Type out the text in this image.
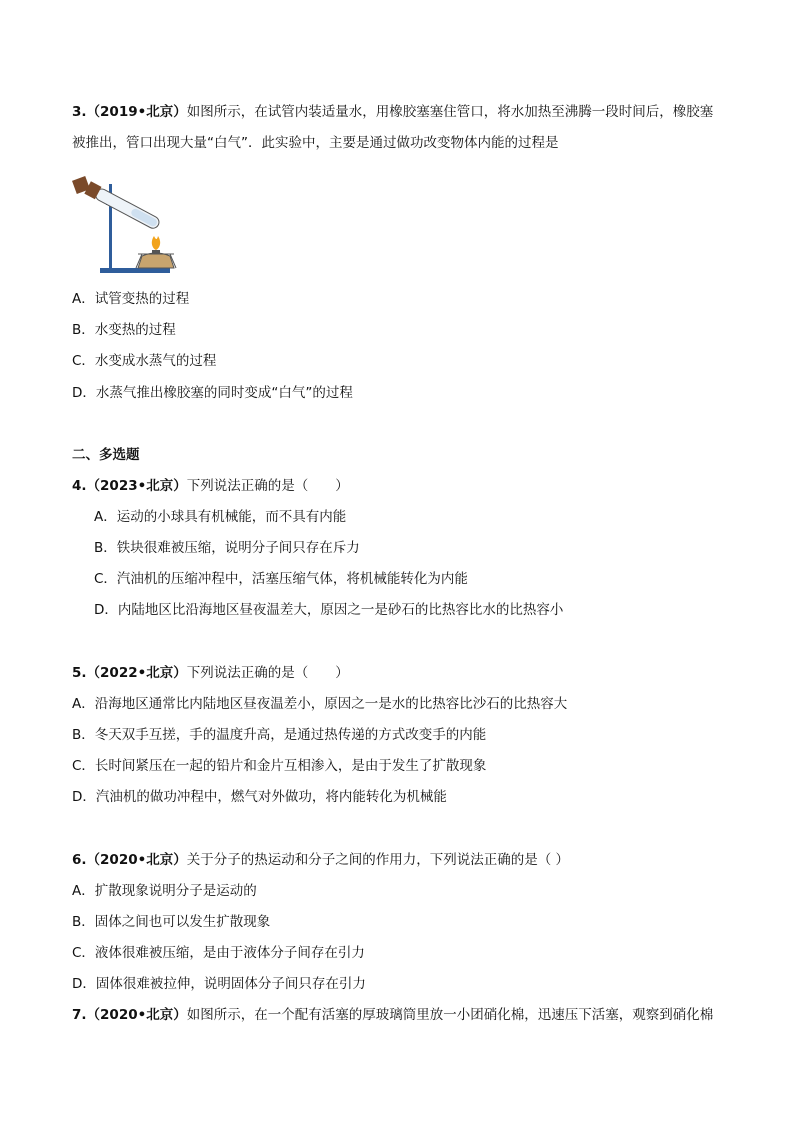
3.（2019•北京）如图所示，在试管内装适量水，用橡胶塞塞住管口，将水加热至沸腾一段时间后，橡胶塞
被推出，管口出现大量“白气”．此实验中，主要是通过做功改变物体内能的过程是
A．试管变热的过程
B．水变热的过程
C．水变成水蒸气的过程
D．水蒸气推出橡胶塞的同时变成“白气”的过程
二、多选题
4.（2023•北京）下列说法正确的是（　　）
A．运动的小球具有机械能，而不具有内能
B．铁块很难被压缩，说明分子间只存在斥力
C．汽油机的压缩冲程中，活塞压缩气体，将机械能转化为内能
D．内陆地区比沿海地区昼夜温差大，原因之一是砂石的比热容比水的比热容小
5.（2022•北京）下列说法正确的是（　　）
A．沿海地区通常比内陆地区昼夜温差小，原因之一是水的比热容比沙石的比热容大
B．冬天双手互搓，手的温度升高，是通过热传递的方式改变手的内能
C．长时间紧压在一起的铅片和金片互相渗入，是由于发生了扩散现象
D．汽油机的做功冲程中，燃气对外做功，将内能转化为机械能
6.（2020•北京）关于分子的热运动和分子之间的作用力，下列说法正确的是（ ）
A．扩散现象说明分子是运动的
B．固体之间也可以发生扩散现象
C．液体很难被压缩，是由于液体分子间存在引力
D．固体很难被拉伸，说明固体分子间只存在引力
7.（2020•北京）如图所示，在一个配有活塞的厚玻璃筒里放一小团硝化棉，迅速压下活塞，观察到硝化棉
